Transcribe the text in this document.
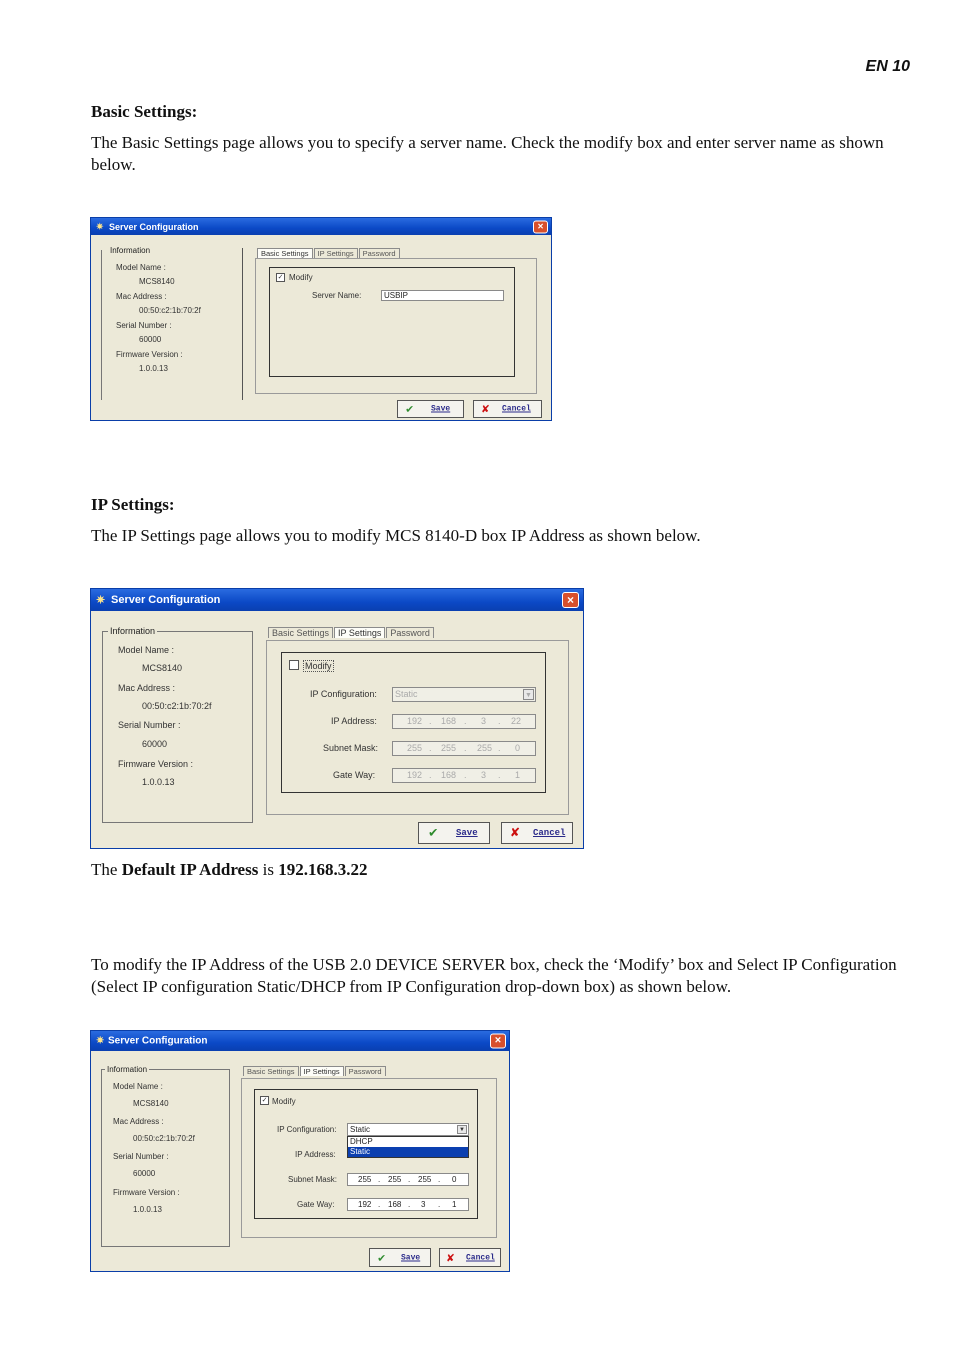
EN 10
Basic Settings:
The Basic Settings page allows you to specify a server name. Check the modify box and enter server name as shown below.
✷ Server Configuration	×
Information
Model Name :
MCS8140
Mac Address :
00:50:c2:1b:70:2f
Serial Number :
60000
Firmware Version :
1.0.0.13
Basic Settings	IP Settings	Password
✓ Modify
Server Name:	USBIP
✔ Save	✘ Cancel
IP Settings:
The IP Settings page allows you to modify MCS 8140-D box IP Address as shown below.
✷ Server Configuration	×
Information
Model Name :
MCS8140
Mac Address :
00:50:c2:1b:70:2f
Serial Number :
60000
Firmware Version :
1.0.0.13
Basic Settings	IP Settings	Password
Modify
IP Configuration:	Static	▼
IP Address:	192 . 168 . 3 . 22
Subnet Mask:	255 . 255 . 255 . 0
Gate Way:	192 . 168 . 3 . 1
✔ Save ✘ Cancel
The Default IP Address is 192.168.3.22
To modify the IP Address of the USB 2.0 DEVICE SERVER box, check the ‘Modify’ box and Select IP Configuration (Select IP configuration Static/DHCP from IP Configuration drop-down box) as shown below.
✷ Server Configuration	×
Information
Model Name :
MCS8140
Mac Address :
00:50:c2:1b:70:2f
Serial Number :
60000
Firmware Version :
1.0.0.13
Basic Settings	IP Settings	Password
✓ Modify
IP Configuration:	Static	▼
DHCP
Static
IP Address:
Subnet Mask:	255 . 255 . 255 . 0
Gate Way:	192 . 168 . 3 . 1
✔ Save ✘ Cancel
